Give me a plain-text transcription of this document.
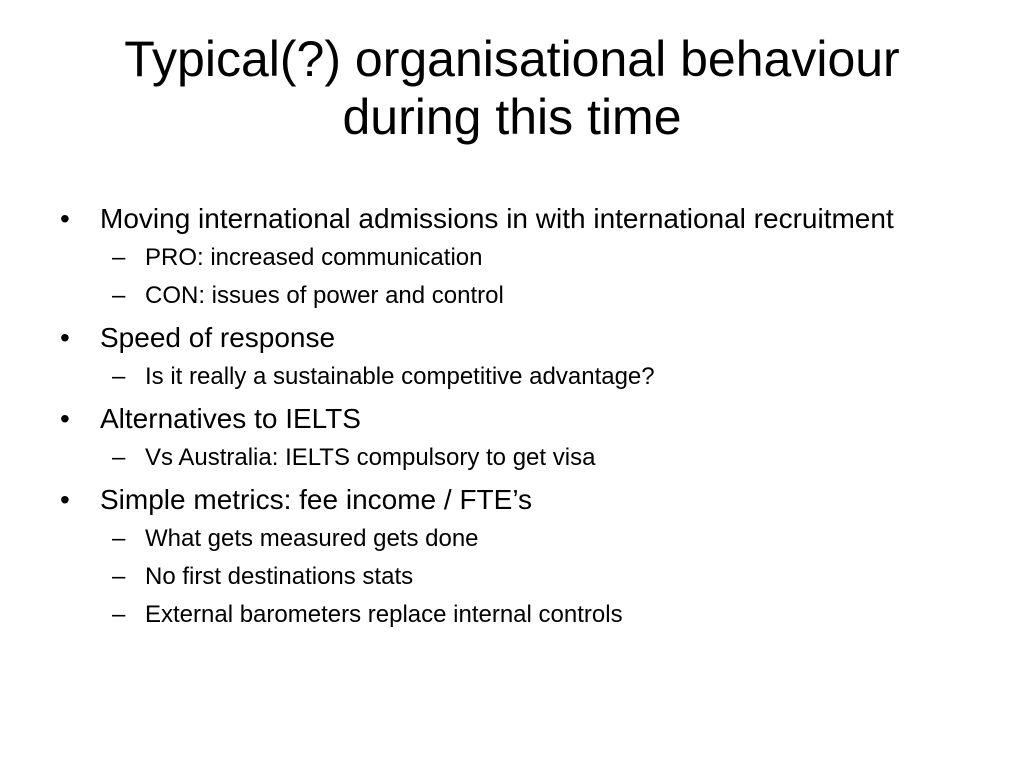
Typical(?) organisational behaviour
during this time
•	Moving international admissions in with international recruitment
– PRO: increased communication
– CON: issues of power and control
•	Speed of response
– Is it really a sustainable competitive advantage?
•	Alternatives to IELTS
– Vs Australia: IELTS compulsory to get visa
•	Simple metrics: fee income / FTE’s
– What gets measured gets done
– No first destinations stats
– External barometers replace internal controls
